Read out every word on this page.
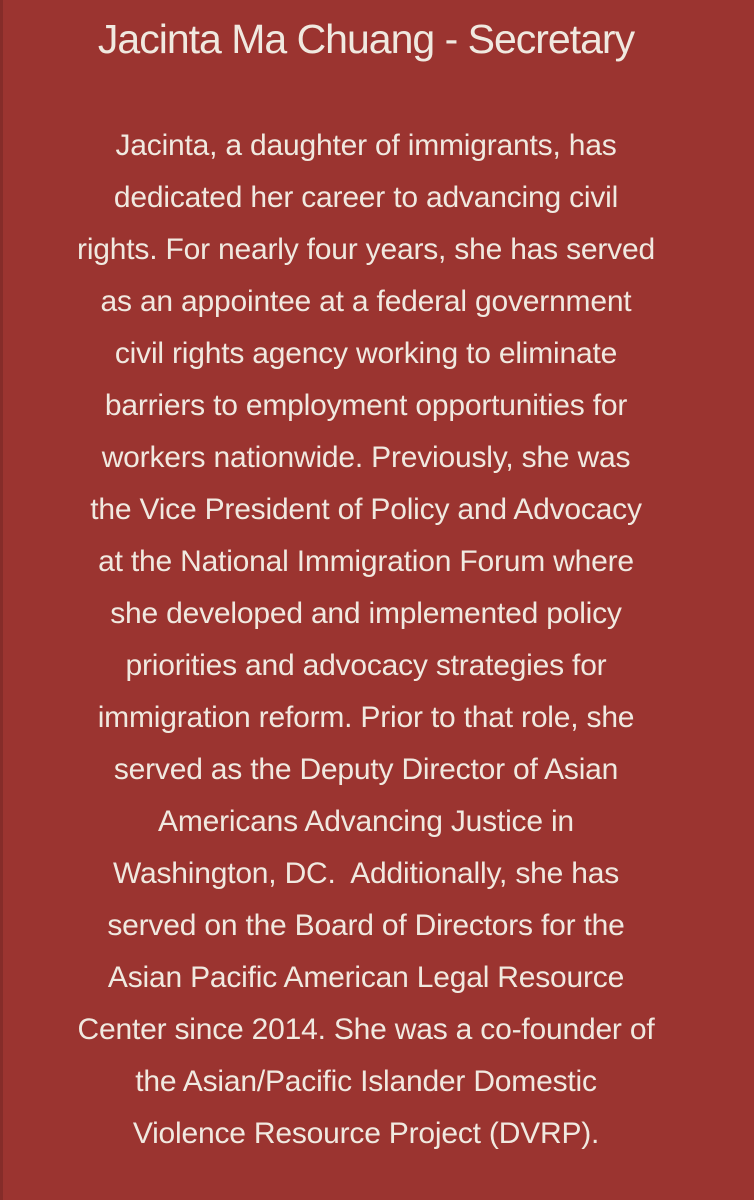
Jacinta Ma Chuang - Secretary
Jacinta, a daughter of immigrants, has
dedicated her career to advancing civil
rights. For nearly four years, she has served
as an appointee at a federal government
civil rights agency working to eliminate
barriers to employment opportunities for
workers nationwide. Previously, she was
the Vice President of Policy and Advocacy
at the National Immigration Forum where
she developed and implemented policy
priorities and advocacy strategies for
immigration reform. Prior to that role, she
served as the Deputy Director of Asian
Americans Advancing Justice in
Washington, DC.  Additionally, she has
served on the Board of Directors for the
Asian Pacific American Legal Resource
Center since 2014. She was a co-founder of
the Asian/Pacific Islander Domestic
Violence Resource Project (DVRP).
